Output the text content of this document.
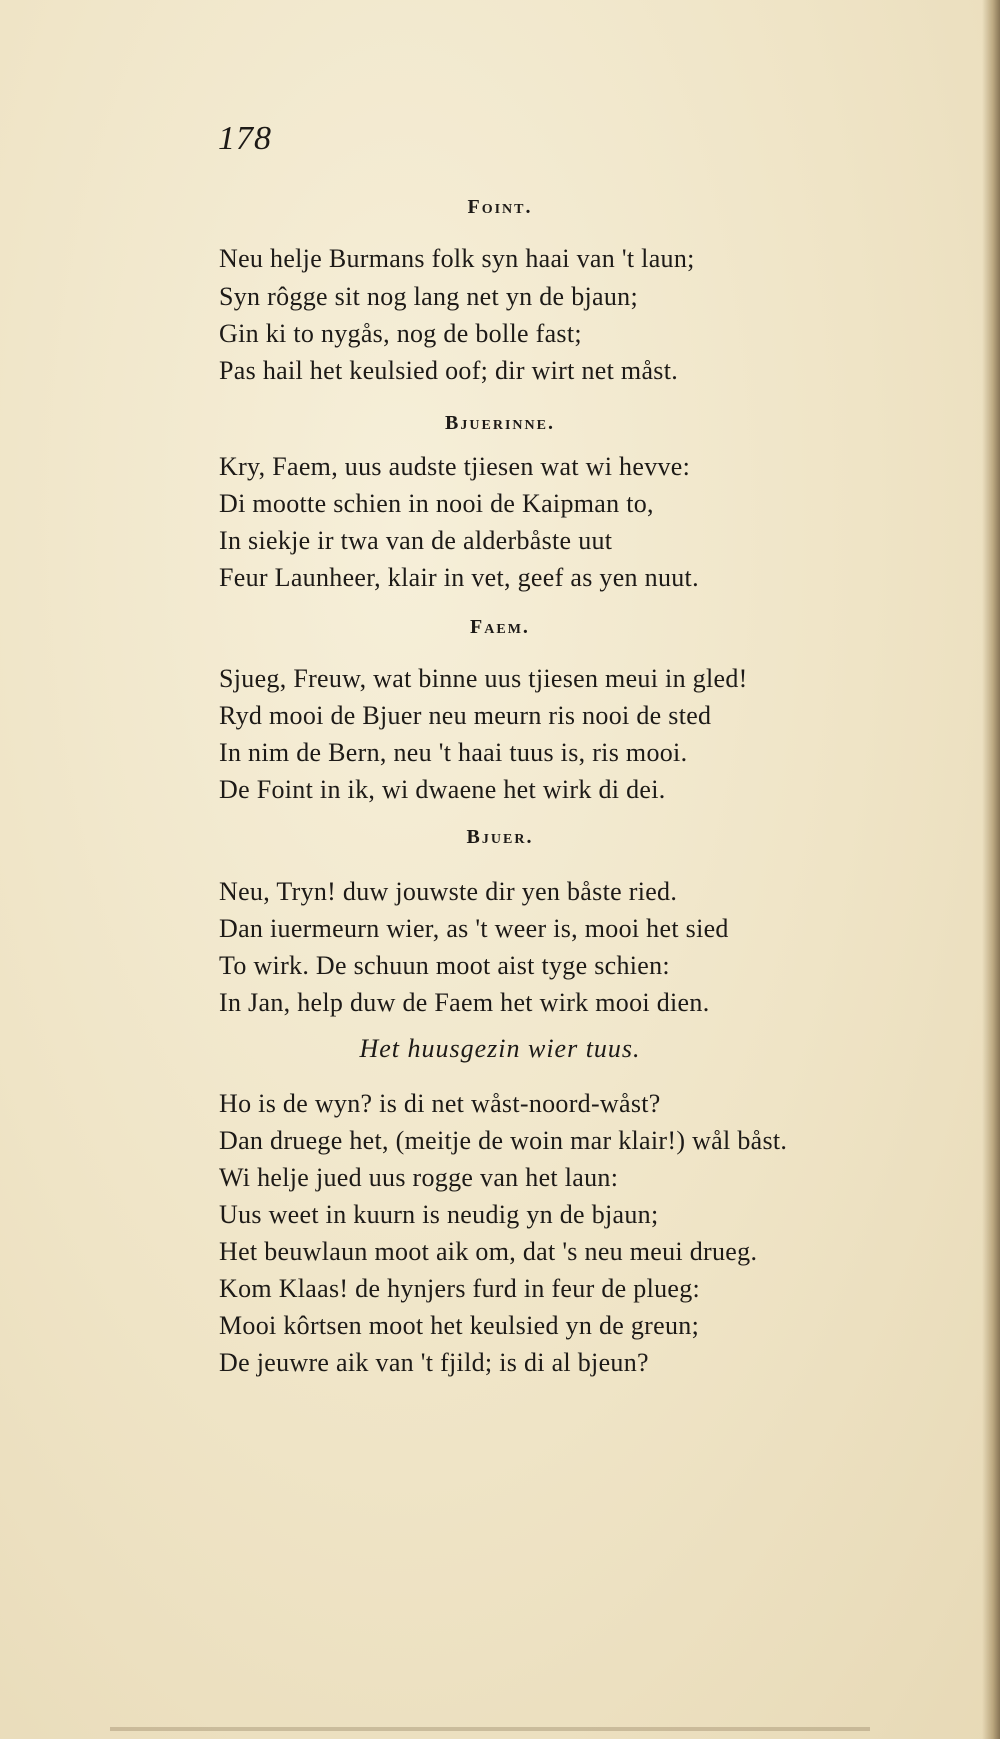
178
Foint.
Neu helje Burmans folk syn haai van 't laun;
Syn rôgge sit nog lang net yn de bjaun;
Gin ki to nygås, nog de bolle fast;
Pas hail het keulsied oof; dir wirt net måst.
Bjuerinne.
Kry, Faem, uus audste tjiesen wat wi hevve:
Di mootte schien in nooi de Kaipman to,
In siekje ir twa van de alderbåste uut
Feur Launheer, klair in vet, geef as yen nuut.
Faem.
Sjueg, Freuw, wat binne uus tjiesen meui in gled!
Ryd mooi de Bjuer neu meurn ris nooi de sted
In nim de Bern, neu 't haai tuus is, ris mooi.
De Foint in ik, wi dwaene het wirk di dei.
Bjuer.
Neu, Tryn! duw jouwste dir yen båste ried.
Dan iuermeurn wier, as 't weer is, mooi het sied
To wirk. De schuun moot aist tyge schien:
In Jan, help duw de Faem het wirk mooi dien.
Het huusgezin wier tuus.
Ho is de wyn? is di net wåst-noord-wåst?
Dan druege het, (meitje de woin mar klair!) wål båst.
Wi helje jued uus rogge van het laun:
Uus weet in kuurn is neudig yn de bjaun;
Het beuwlaun moot aik om, dat 's neu meui drueg.
Kom Klaas! de hynjers furd in feur de plueg:
Mooi kôrtsen moot het keulsied yn de greun;
De jeuwre aik van 't fjild; is di al bjeun?
